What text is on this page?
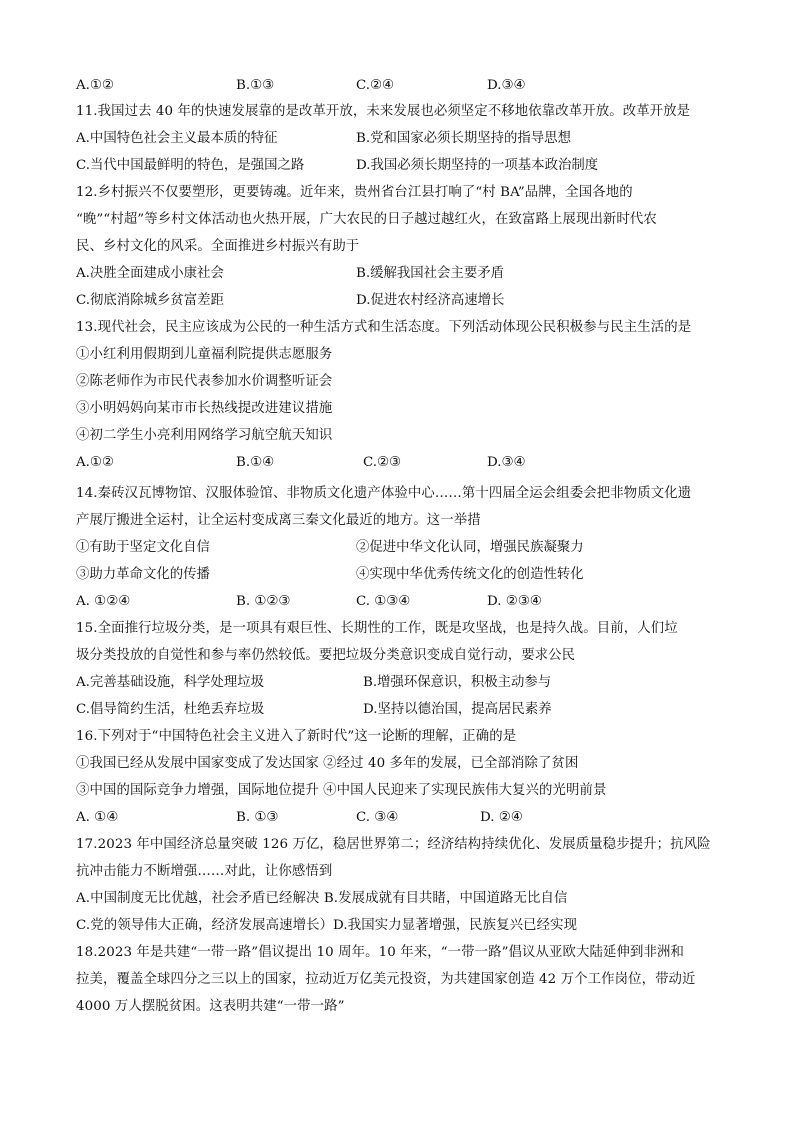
A.①②	B.①③	C.②④	D.③④
11.我国过去 40 年的快速发展靠的是改革开放，未来发展也必须坚定不移地依靠改革开放。改革开放是
A.中国特色社会主义最本质的特征	B.党和国家必须长期坚持的指导思想
C.当代中国最鲜明的特色，是强国之路	D.我国必须长期坚持的一项基本政治制度
12.乡村振兴不仅要塑形，更要铸魂。近年来，贵州省台江县打响了“村 BA”品牌，全国各地的
“晚”“村超”等乡村文体活动也火热开展，广大农民的日子越过越红火，在致富路上展现出新时代农
民、乡村文化的风采。全面推进乡村振兴有助于
A.决胜全面建成小康社会	B.缓解我国社会主要矛盾
C.彻底消除城乡贫富差距	D.促进农村经济高速增长
13.现代社会，民主应该成为公民的一种生活方式和生活态度。下列活动体现公民积极参与民主生活的是
①小红利用假期到儿童福利院提供志愿服务
②陈老师作为市民代表参加水价调整听证会
③小明妈妈向某市市长热线提改进建议措施
④初二学生小亮利用网络学习航空航天知识
A.①②	B.①④	C.②③	D.③④
14.秦砖汉瓦博物馆、汉服体验馆、非物质文化遗产体验中心……第十四届全运会组委会把非物质文化遗
产展厅搬进全运村，让全运村变成离三秦文化最近的地方。这一举措
①有助于坚定文化自信	②促进中华文化认同，增强民族凝聚力
③助力革命文化的传播	④实现中华优秀传统文化的创造性转化
A. ①②④	B. ①②③	C. ①③④	D. ②③④
15.全面推行垃圾分类，是一项具有艰巨性、长期性的工作，既是攻坚战，也是持久战。目前，人们垃
圾分类投放的自觉性和参与率仍然较低。要把垃圾分类意识变成自觉行动，要求公民
A.完善基础设施，科学处理垃圾	B.增强环保意识，积极主动参与
C.倡导简约生活，杜绝丢弃垃圾	D.坚持以德治国，提高居民素养
16.下列对于“中国特色社会主义进入了新时代”这一论断的理解，正确的是
①我国已经从发展中国家变成了发达国家 ②经过 40 多年的发展，已全部消除了贫困
③中国的国际竞争力增强，国际地位提升 ④中国人民迎来了实现民族伟大复兴的光明前景
A. ①④	B. ①③	C. ③④	D. ②④
17.2023 年中国经济总量突破 126 万亿，稳居世界第二；经济结构持续优化、发展质量稳步提升；抗风险
抗冲击能力不断增强……对此，让你感悟到
A.中国制度无比优越，社会矛盾已经解决 B.发展成就有目共睹，中国道路无比自信
C.党的领导伟大正确，经济发展高速增长）D.我国实力显著增强，民族复兴已经实现
18.2023 年是共建“一带一路”倡议提出 10 周年。10 年来，“一带一路”倡议从亚欧大陆延伸到非洲和
拉美，覆盖全球四分之三以上的国家，拉动近万亿美元投资，为共建国家创造 42 万个工作岗位，带动近
4000 万人摆脱贫困。这表明共建“一带一路”
